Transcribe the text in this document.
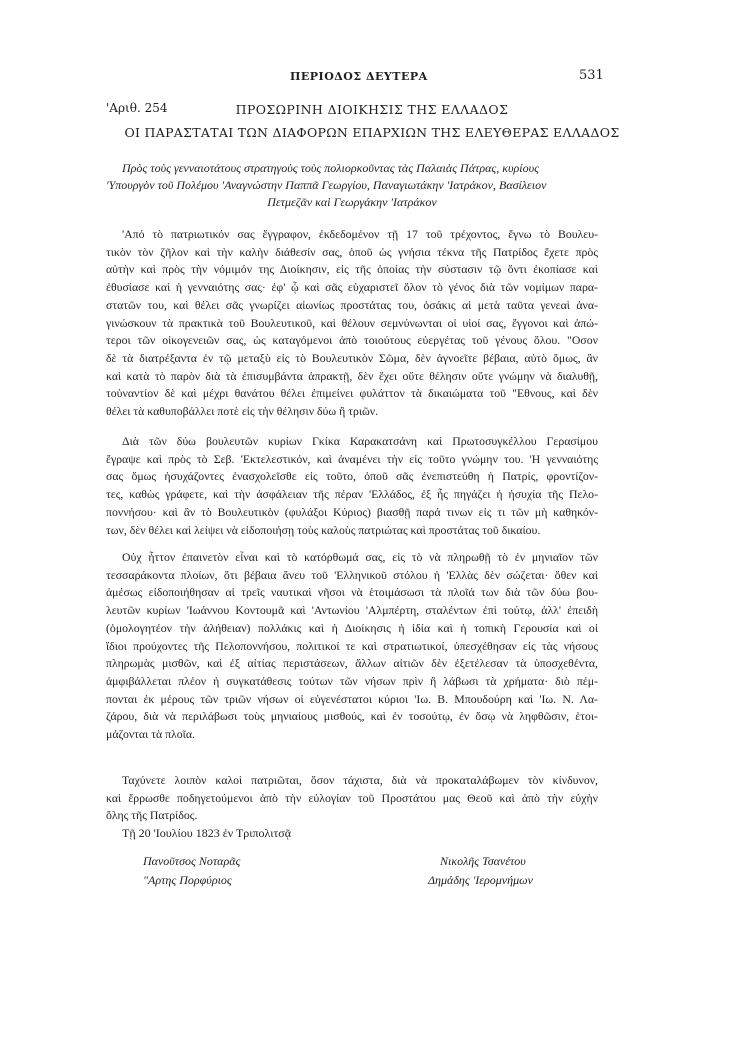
ΠΕΡΙΟΔΟΣ ΔΕΥΤΕΡΑ	531
'Αριθ. 254	ΠΡΟΣΩΡΙΝΗ ΔΙΟΙΚΗΣΙΣ ΤΗΣ ΕΛΛΑΔΟΣ
ΟΙ ΠΑΡΑΣΤΑΤΑΙ ΤΩΝ ΔΙΑΦΟΡΩΝ ΕΠΑΡΧΙΩΝ ΤΗΣ ΕΛΕΥΘΕΡΑΣ ΕΛΛΑΔΟΣ
Πρὸς τοὺς γενναιοτάτους στρατηγοὺς τοὺς πολιορκοῦντας τὰς Παλαιὰς Πάτρας, κυρίους
'Υπουργὸν τοῦ Πολέμου 'Αναγνώστην Παππᾶ Γεωργίου, Παναγιωτάκην 'Ιατράκον, Βασίλειον
Πετμεζᾶν καὶ Γεωργάκην 'Ιατράκον
'Από τὸ πατριωτικόν σας ἔγγραφον, ἐκδεδομένον τῇ 17 τοῦ τρέχοντος, ἔγνω τὸ Βουλευ-
τικὸν τὸν ζῆλον καὶ τὴν καλὴν διάθεσίν σας, ὁποῦ ὡς γνήσια τέκνα τῆς Πατρίδος ἔχετε πρὸς
αὐτὴν καὶ πρὸς τὴν νόμιμόν της Διοίκησιν, εἰς τῆς ὁποίας τὴν σύστασιν τῷ ὄντι ἐκοπίασε καὶ
ἐθυσίασε καὶ ἡ γενναιότης σας· ἐφ' ᾧ καὶ σᾶς εὐχαριστεῖ ὅλον τὸ γένος διὰ τῶν νομίμων παρα-
στατῶν του, καὶ θέλει σᾶς γνωρίζει αἰωνίως προστάτας του, ὁσάκις αἱ μετὰ ταῦτα γενεαὶ ἀνα-
γινώσκουν τὰ πρακτικὰ τοῦ Βουλευτικοῦ, καὶ θέλουν σεμνύνωνται οἱ υἱοί σας, ἔγγονοι καὶ ἀπώ-
τεροι τῶν οἰκογενειῶν σας, ὡς καταγόμενοι ἀπὸ τοιούτους εὐεργέτας τοῦ γένους ὅλου. "Οσον
δὲ τὰ διατρέξαντα ἐν τῷ μεταξὺ εἰς τὸ Βουλευτικὸν Σῶμα, δὲν ἀγνοεῖτε βέβαια, αὐτὸ ὅμως, ἂν
καὶ κατὰ τὸ παρὸν διὰ τὰ ἐπισυμβάντα ἀπρακτῇ, δὲν ἔχει οὔτε θέλησιν οὔτε γνώμην νὰ διαλυθῇ,
τοὐναντίον δὲ καὶ μέχρι θανάτου θέλει ἐπιμείνει φυλάττον τὰ δικαιώματα τοῦ "Εθνους, καὶ δὲν
θέλει τὰ καθυποβάλλει ποτὲ εἰς τὴν θέλησιν δύω ἢ τριῶν.
Διὰ τῶν δύω βουλευτῶν κυρίων Γκίκα Καρακατσάνη καὶ Πρωτοσυγκέλλου Γερασίμου
ἔγραψε καὶ πρὸς τὸ Σεβ. 'Εκτελεστικόν, καὶ ἀναμένει τὴν εἰς τοῦτο γνώμην του. 'Η γενναιότης
σας ὅμως ἡσυχάζοντες ἐνασχολεῖσθε εἰς τοῦτο, ὁποῦ σᾶς ἐνεπιστεύθη ἡ Πατρίς, φροντίζον-
τες, καθὼς γράφετε, καὶ τὴν ἀσφάλειαν τῆς πέραν 'Ελλάδος, ἐξ ἧς πηγάζει ἡ ἡσυχία τῆς Πελο-
ποννήσου· καὶ ἂν τὸ Βουλευτικὸν (φυλάξοι Κύριος) βιασθῇ παρά τινων εἰς τι τῶν μὴ καθηκόν-
των, δὲν θέλει καὶ λείψει νὰ εἰδοποιήσῃ τοὺς καλοὺς πατριώτας καὶ προστάτας τοῦ δικαίου.
Οὐχ ἧττον ἐπαινετὸν εἶναι καὶ τὸ κατόρθωμά σας, εἰς τὸ νὰ πληρωθῇ τὸ ἐν μηνιαῖον τῶν
τεσσαράκοντα πλοίων, ὅτι βέβαια ἄνευ τοῦ 'Ελληνικοῦ στόλου ἡ 'Ελλὰς δὲν σώζεται· ὅθεν καὶ
ἀμέσως εἰδοποιήθησαν αἱ τρεῖς ναυτικαὶ νῆσοι νὰ ἑτοιμάσωσι τὰ πλοῖά των διὰ τῶν δύω βου-
λευτῶν κυρίων 'Ιωάννου Κοντουμᾶ καὶ 'Αντωνίου 'Αλμπέρτη, σταλέντων ἐπὶ τούτῳ, ἀλλ' ἐπειδὴ
(ὁμολογητέον τὴν ἀλήθειαν) πολλάκις καὶ ἡ Διοίκησις ἡ ἰδία καὶ ἡ τοπικὴ Γερουσία καὶ οἱ
ἴδιοι προύχοντες τῆς Πελοποννήσου, πολιτικοί τε καὶ στρατιωτικοί, ὑπεσχέθησαν εἰς τὰς νήσους
πληρωμὰς μισθῶν, καὶ ἐξ αἰτίας περιστάσεων, ἄλλων αἰτιῶν δὲν ἐξετέλεσαν τὰ ὑποσχεθέντα,
ἀμφιβάλλεται πλέον ἡ συγκατάθεσις τούτων τῶν νήσων πρὶν ἢ λάβωσι τὰ χρήματα· διὸ πέμ-
πονται ἐκ μέρους τῶν τριῶν νήσων οἱ εὐγενέστατοι κύριοι 'Ιω. Β. Μπουδούρη καὶ 'Ιω. Ν. Λα-
ζάρου, διὰ νὰ περιλάβωσι τοὺς μηνιαίους μισθούς, καὶ ἐν τοσούτῳ, ἐν ὅσῳ νὰ ληφθῶσιν, ἑτοι-
μάζονται τὰ πλοῖα.
Ταχύνετε λοιπὸν καλοὶ πατριῶται, ὅσον τάχιστα, διὰ νὰ προκαταλάβωμεν τὸν κίνδυνον,
καὶ ἔρρωσθε ποδηγετούμενοι ἀπὸ τὴν εὐλογίαν τοῦ Προστάτου μας Θεοῦ καὶ ἀπὸ τὴν εὐχὴν
ὅλης τῆς Πατρίδος.
Τῇ 20 'Ιουλίου 1823 ἐν Τριπολιτσᾷ
Πανοῦτσος Νοταρᾶς
"Αρτης Πορφύριος
Νικολῆς Τσανέτου
Δημάδης 'Ιερομνήμων
